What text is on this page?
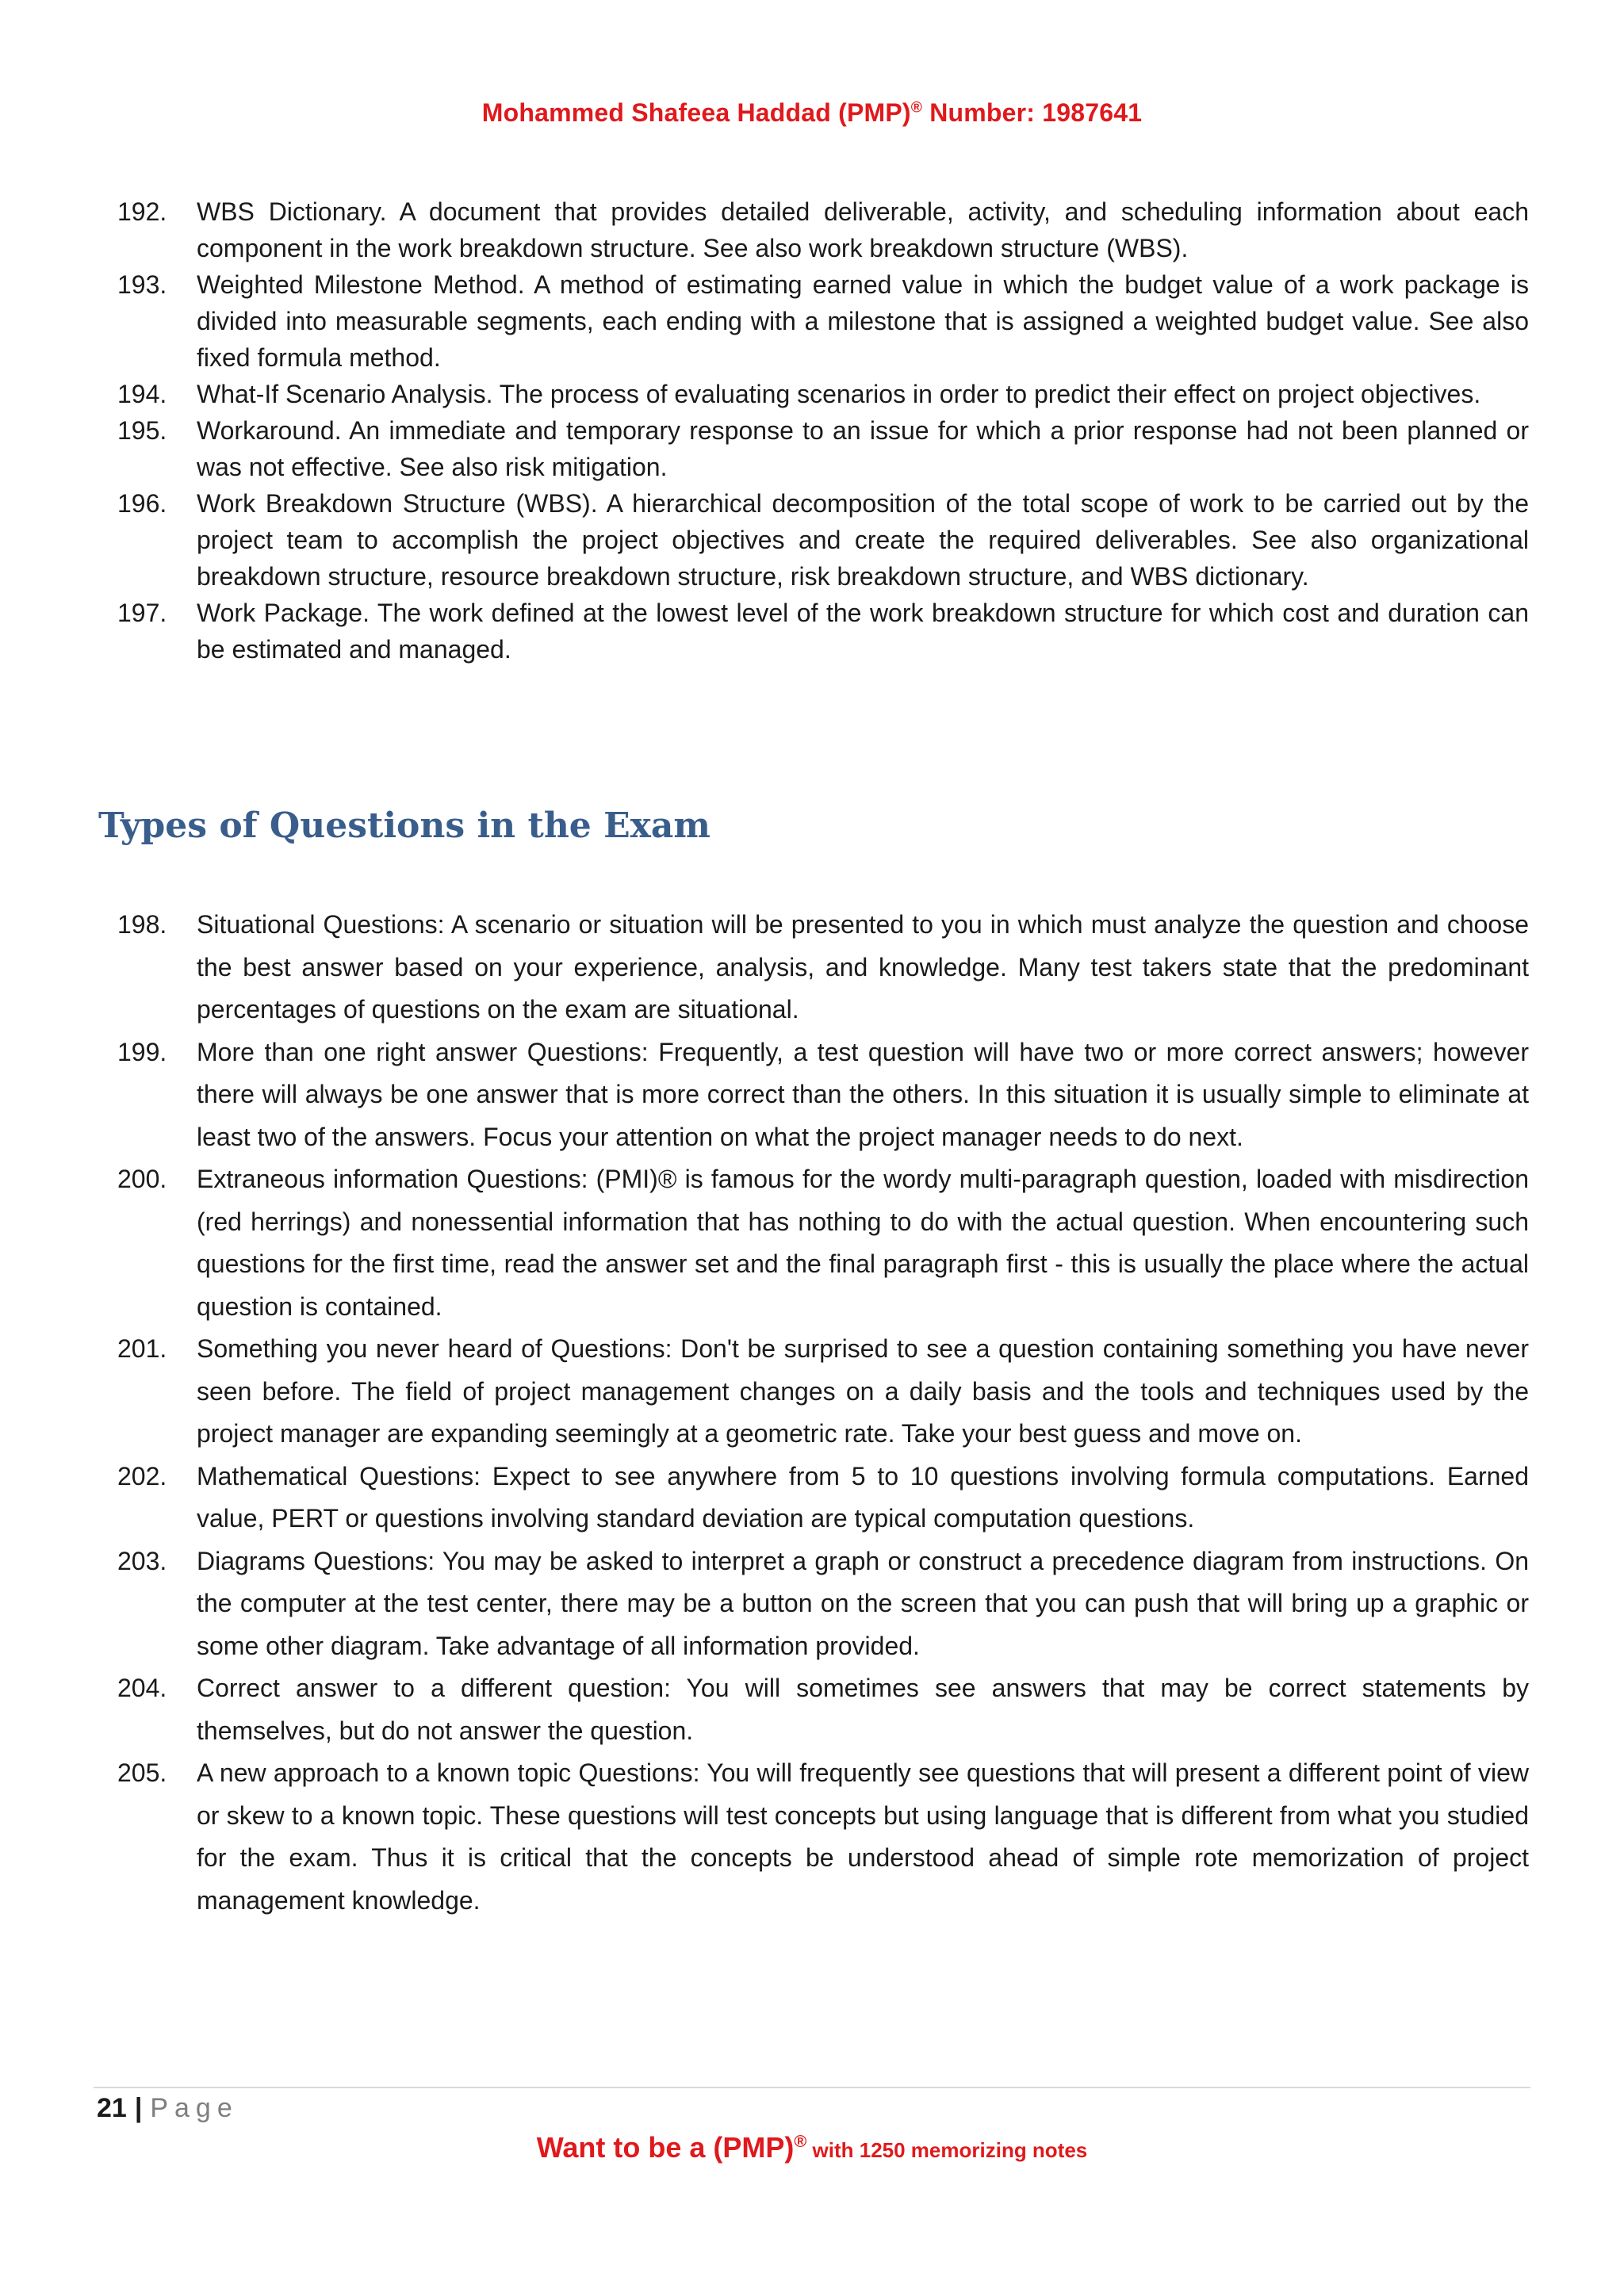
Mohammed Shafeea Haddad (PMP)® Number: 1987641
192.	WBS Dictionary. A document that provides detailed deliverable, activity, and scheduling information about each component in the work breakdown structure. See also work breakdown structure (WBS).
193.	Weighted Milestone Method. A method of estimating earned value in which the budget value of a work package is divided into measurable segments, each ending with a milestone that is assigned a weighted budget value. See also fixed formula method.
194.	What-If Scenario Analysis. The process of evaluating scenarios in order to predict their effect on project objectives.
195.	Workaround. An immediate and temporary response to an issue for which a prior response had not been planned or was not effective. See also risk mitigation.
196.	Work Breakdown Structure (WBS). A hierarchical decomposition of the total scope of work to be carried out by the project team to accomplish the project objectives and create the required deliverables. See also organizational breakdown structure, resource breakdown structure, risk breakdown structure, and WBS dictionary.
197.	Work Package. The work defined at the lowest level of the work breakdown structure for which cost and duration can be estimated and managed.
Types of Questions in the Exam
198.	Situational Questions: A scenario or situation will be presented to you in which must analyze the question and choose the best answer based on your experience, analysis, and knowledge. Many test takers state that the predominant percentages of questions on the exam are situational.
199.	More than one right answer Questions: Frequently, a test question will have two or more correct answers; however there will always be one answer that is more correct than the others. In this situation it is usually simple to eliminate at least two of the answers. Focus your attention on what the project manager needs to do next.
200.	Extraneous information Questions: (PMI)® is famous for the wordy multi-paragraph question, loaded with misdirection (red herrings) and nonessential information that has nothing to do with the actual question. When encountering such questions for the first time, read the answer set and the final paragraph first - this is usually the place where the actual question is contained.
201.	Something you never heard of Questions: Don't be surprised to see a question containing something you have never seen before. The field of project management changes on a daily basis and the tools and techniques used by the project manager are expanding seemingly at a geometric rate. Take your best guess and move on.
202.	Mathematical Questions: Expect to see anywhere from 5 to 10 questions involving formula computations. Earned value, PERT or questions involving standard deviation are typical computation questions.
203.	Diagrams Questions: You may be asked to interpret a graph or construct a precedence diagram from instructions. On the computer at the test center, there may be a button on the screen that you can push that will bring up a graphic or some other diagram. Take advantage of all information provided.
204.	Correct answer to a different question: You will sometimes see answers that may be correct statements by themselves, but do not answer the question.
205.	A new approach to a known topic Questions: You will frequently see questions that will present a different point of view or skew to a known topic. These questions will test concepts but using language that is different from what you studied for the exam. Thus it is critical that the concepts be understood ahead of simple rote memorization of project management knowledge.
21 | Page
Want to be a (PMP)® with 1250 memorizing notes
